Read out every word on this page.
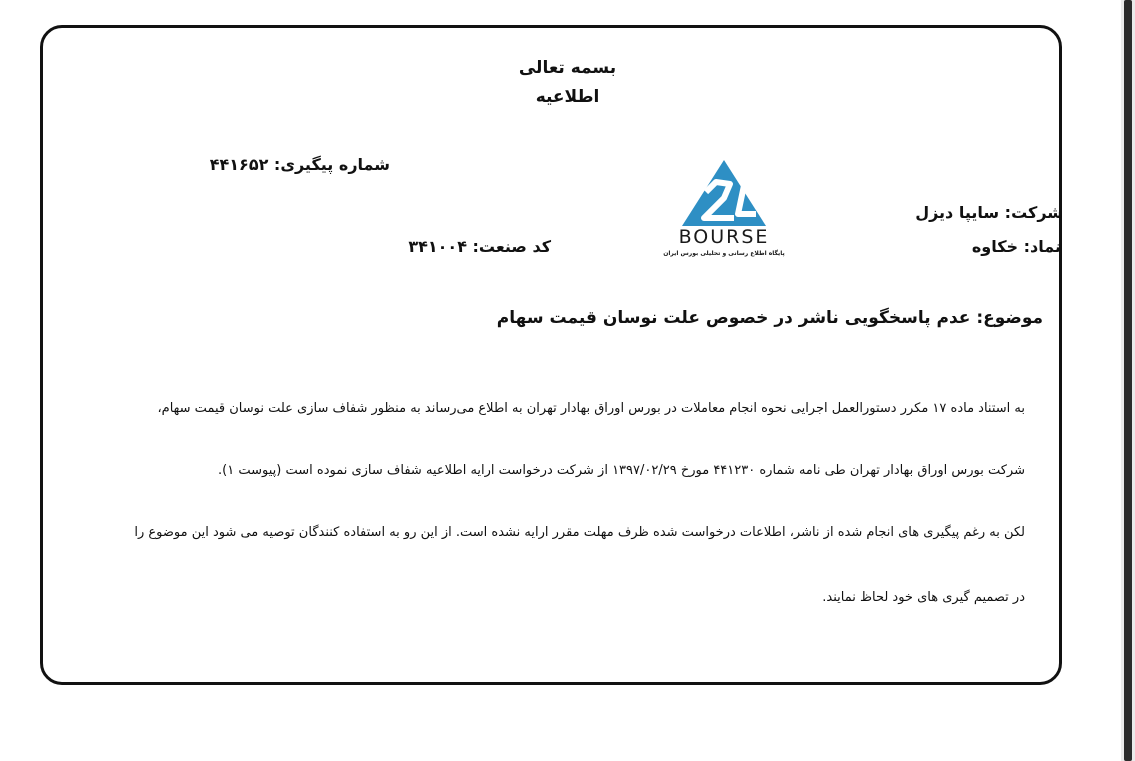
بسمه تعالی
اطلاعیه
شماره پیگیری: ۴۴۱۶۵۲
شرکت: سایپا دیزل
نماد: خکاوه
کد صنعت: ۳۴۱۰۰۴	BOURSE
پایگاه اطلاع رسانی و تحلیلی بورس ایران
موضوع: عدم پاسخگویی ناشر در خصوص علت نوسان قیمت سهام
به استناد ماده ۱۷ مکرر دستورالعمل اجرایی نحوه انجام معاملات در بورس اوراق بهادار تهران به اطلاع می‌رساند به منظور شفاف سازی علت نوسان قیمت سهام،
شرکت بورس اوراق بهادار تهران طی نامه شماره ۴۴۱۲۳۰ مورخ ۱۳۹۷/۰۲/۲۹ از شرکت درخواست ارایه اطلاعیه شفاف سازی نموده است (پیوست ۱).
لکن به رغم پیگیری های انجام شده از ناشر، اطلاعات درخواست شده ظرف مهلت مقرر ارایه نشده است. از این رو به استفاده کنندگان توصیه می شود این موضوع را
در تصمیم گیری های خود لحاظ نمایند.
